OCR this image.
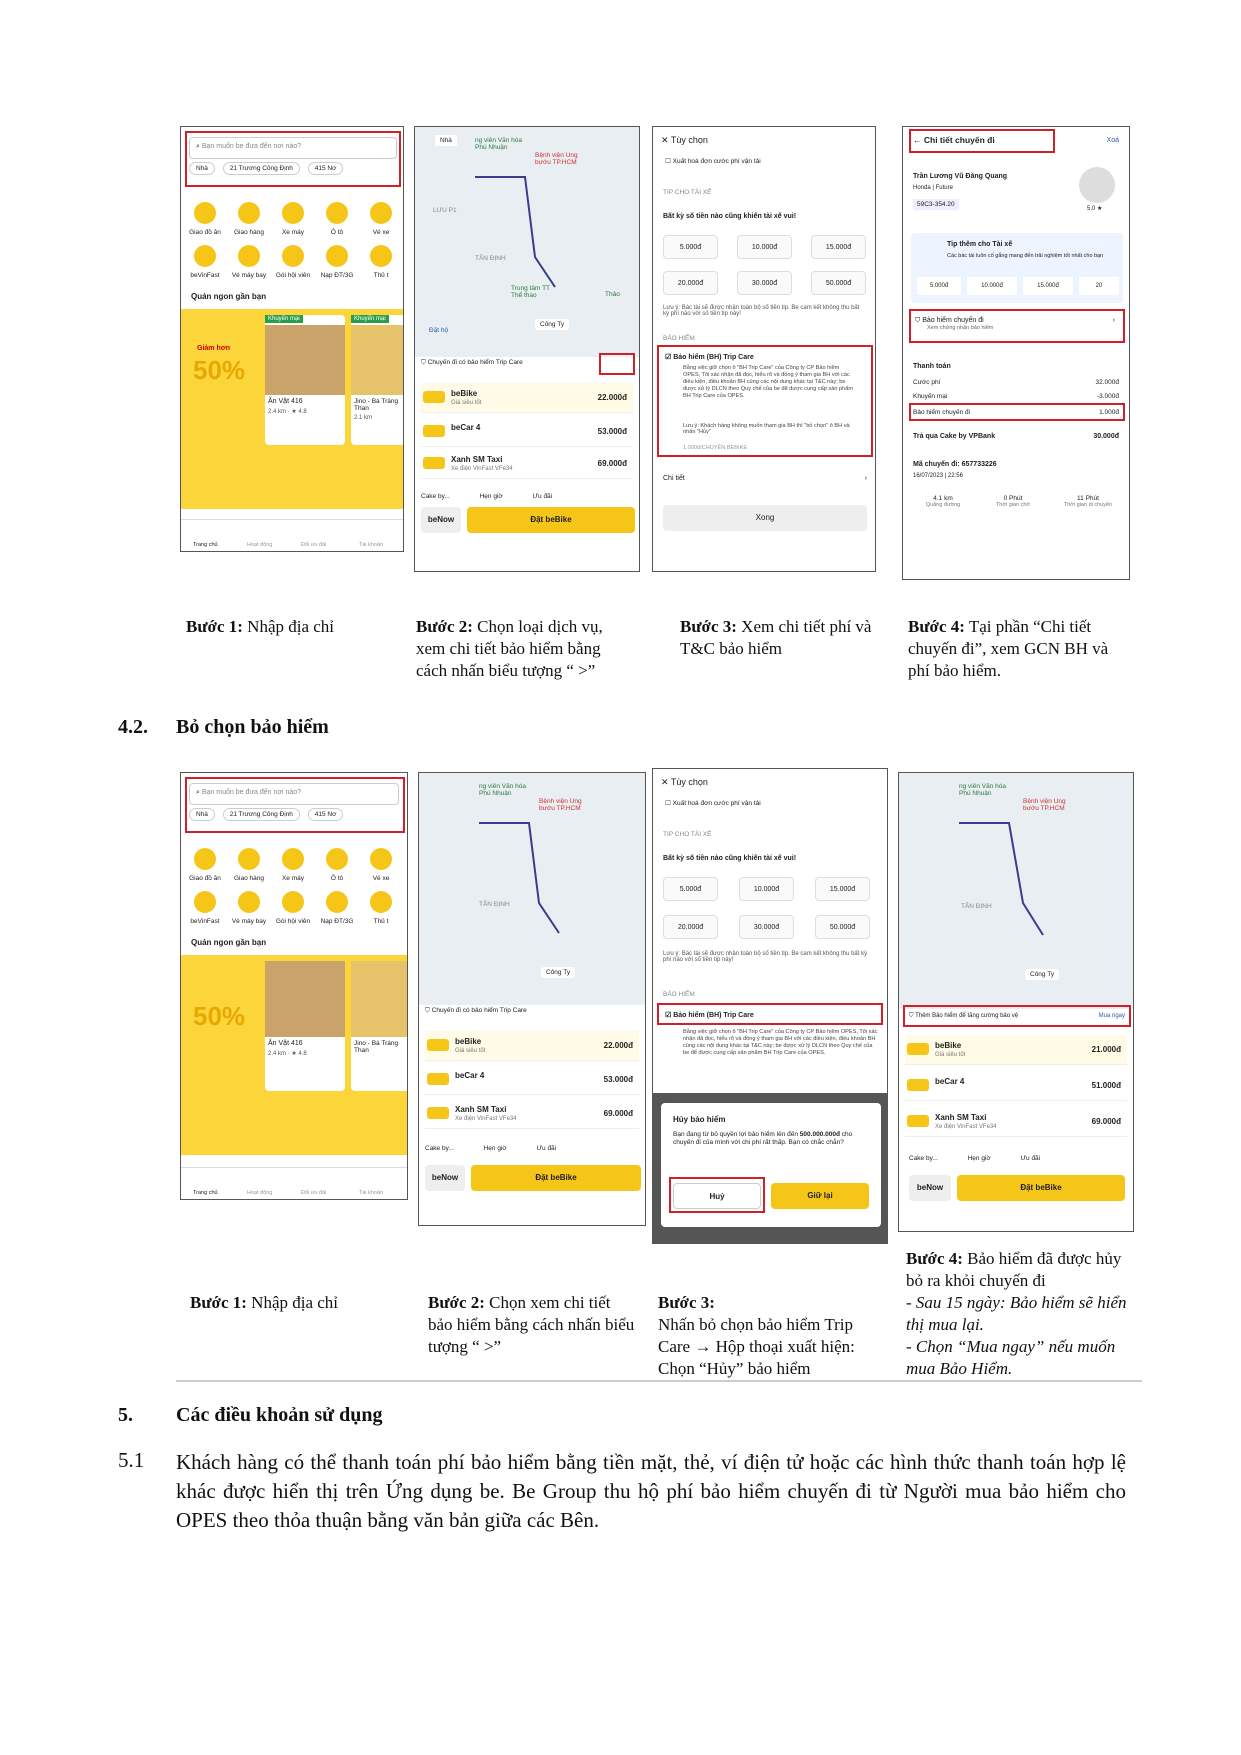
⌕ Bạn muốn be đưa đến nơi nào?
Nhà	21 Trương Công Định	415 Nơ
Giao đồ ăn	Giao hàng	Xe máy	Ô tô	Vé xe
beVinFast	Vé máy bay	Gói hội viên	Nạp ĐT/3G	Thủ t
Quán ngon gần bạn
Giảm hơn
50%
Khuyến mại
Ăn Vặt 416
2.4 km · ★ 4.8
Khuyến mại
Jino - Bá Tráng Than
2.1 km
Trang chủ	Hoạt động	Đổi ưu đãi	Tài khoản
Nhà	ng viên Văn hóa Phú Nhuận
Bệnh viện Ung bướu TP.HCM
LƯU P1
TÂN ĐỊNH
Trung tâm TT Thể thao
Công Ty
Thảo
Đặt hộ
⛉ Chuyến đi có bảo hiểm Trip Care
beBike
Giá siêu tốt
22.000đ
beCar 4	53.000đ
Xanh SM Taxi
Xe điện VinFast VFe34
69.000đ
Cake by...	Hẹn giờ	Ưu đãi
beNow	Đặt beBike
✕ Tùy chọn
☐ Xuất hoá đơn cước phí vận tải
TIP CHO TÀI XẾ
Bất kỳ số tiền nào cũng khiến tài xế vui!
5.000đ	10.000đ	15.000đ
20.000đ	30.000đ	50.000đ
Lưu ý: Bác tài sẽ được nhận toàn bộ số tiền tip. Be cam kết không thu bất kỳ phí nào với số tiền tip này!
BẢO HIỂM
☑ Bảo hiểm (BH) Trip Care
Bằng việc giữ chọn ô "BH Trip Care" của Công ty CP Bảo hiểm OPES, Tôi xác nhận đã đọc, hiểu rõ và đồng ý tham gia BH với các điều kiện, điều khoản BH cùng các nội dung khác tại T&C này; be được xử lý DLCN theo Quy chế của be để được cung cấp sản phẩm BH Trip Care của OPES.
Lưu ý: Khách hàng không muốn tham gia BH thì "bỏ chọn" ô BH và nhấn "Hủy"
1.000đ/CHUYẾN BEBIKE
Chi tiết	›
Xong
← Chi tiết chuyến đi	Xoá
Trần Lương Vũ Đăng Quang
Honda | Future
59C3-354.20
5.0 ★
Tip thêm cho Tài xế
Các bác tài luôn cố gắng mang đến trải nghiệm tốt nhất cho bạn
5.000đ	10.000đ	15.000đ	20
⛉ Bảo hiểm chuyến đi	›
Xem chứng nhận bảo hiểm
Thanh toán
Cước phí	32.000đ
Khuyến mại	-3.000đ
Bảo hiểm chuyến đi	1.000đ
Trả qua Cake by VPBank	30.000đ
Mã chuyến đi: 657733226
16/07/2023 | 22:56
4.1 km
Quãng đường
0 Phút
Thời gian chờ
11 Phút
Thời gian di chuyển
Bước 1: Nhập địa chỉ	Bước 2: Chọn loại dịch vụ, xem chi tiết bảo hiểm bằng cách nhấn biểu tượng “ >”
Bước 3: Xem chi tiết phí và T&C bảo hiểm
Bước 4: Tại phần “Chi tiết chuyến đi”, xem GCN BH và phí bảo hiểm.
4.2. Bỏ chọn bảo hiểm
⌕ Bạn muốn be đưa đến nơi nào?
Nhà	21 Trương Công Định	415 Nơ
Giao đồ ăn	Giao hàng	Xe máy	Ô tô	Vé xe
beVinFast	Vé máy bay	Gói hội viên	Nạp ĐT/3G	Thủ t
Quán ngon gần bạn
50%
Ăn Vặt 416
2.4 km · ★ 4.8
Jino - Bá Tráng Than
Trang chủ	Hoạt động	Đổi ưu đãi	Tài khoản
ng viên Văn hóa Phú Nhuận
Bệnh viện Ung bướu TP.HCM
TÂN ĐỊNH
Công Ty
⛉ Chuyến đi có bảo hiểm Trip Care
beBike
Giá siêu tốt
22.000đ
beCar 4	53.000đ
Xanh SM Taxi
Xe điện VinFast VFe34
69.000đ
Cake by...	Hẹn giờ	Ưu đãi
beNow	Đặt beBike
✕ Tùy chọn
☐ Xuất hoá đơn cước phí vận tải
TIP CHO TÀI XẾ
Bất kỳ số tiền nào cũng khiến tài xế vui!
5.000đ	10.000đ	15.000đ
20.000đ	30.000đ	50.000đ
Lưu ý: Bác tài sẽ được nhận toàn bộ số tiền tip. Be cam kết không thu bất kỳ phí nào với số tiền tip này!
BẢO HIỂM
☑ Bảo hiểm (BH) Trip Care
Bằng việc giữ chọn ô "BH Trip Care" của Công ty CP Bảo hiểm OPES, Tôi xác nhận đã đọc, hiểu rõ và đồng ý tham gia BH với các điều kiện, điều khoản BH cùng các nội dung khác tại T&C này; be được xử lý DLCN theo Quy chế của be để được cung cấp sản phẩm BH Trip Care của OPES.
Hủy bảo hiểm
Bạn đang từ bỏ quyền lợi bảo hiểm lên đến 500.000.000đ cho chuyến đi của mình với chi phí rất thấp. Bạn có chắc chắn?
Huỷ	Giữ lại
ng viên Văn hóa Phú Nhuận
Bệnh viện Ung bướu TP.HCM
TÂN ĐỊNH
Công Ty
⛉ Thêm Bảo hiểm để tăng cường bảo vệ	Mua ngay
beBike
Giá siêu tốt
21.000đ
beCar 4	51.000đ
Xanh SM Taxi
Xe điện VinFast VFe34
69.000đ
Cake by...	Hẹn giờ	Ưu đãi
beNow	Đặt beBike
Bước 1: Nhập địa chỉ	Bước 2: Chọn xem chi tiết bảo hiểm bằng cách nhấn biểu tượng “ >”
Bước 3:
Nhấn bỏ chọn bảo hiểm Trip Care → Hộp thoại xuất hiện: Chọn “Hủy” bảo hiểm
Bước 4: Bảo hiểm đã được hủy bỏ ra khỏi chuyến đi
- Sau 15 ngày: Bảo hiểm sẽ hiển thị mua lại.
- Chọn “Mua ngay” nếu muốn mua Bảo Hiểm.
5. Các điều khoản sử dụng
5.1 Khách hàng có thể thanh toán phí bảo hiểm bằng tiền mặt, thẻ, ví điện tử hoặc các hình thức thanh toán hợp lệ khác được hiển thị trên Ứng dụng be. Be Group thu hộ phí bảo hiểm chuyến đi từ Người mua bảo hiểm cho OPES theo thỏa thuận bằng văn bản giữa các Bên.
